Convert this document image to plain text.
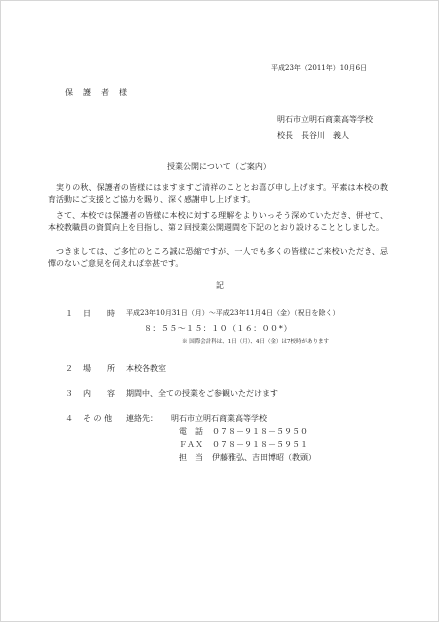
平成23年（2011年）10月6日
保　護　者　様
明石市立明石商業高等学校
校長　長谷川　義人
授業公開について（ご案内）
実りの秋、保護者の皆様にはますますご清祥のこととお喜び申し上げます。平素は本校の教育活動にご支援とご協力を賜り、深く感謝申し上げます。
さて、本校では保護者の皆様に本校に対する理解をよりいっそう深めていただき、併せて、本校教職員の資質向上を目指し、第２回授業公開週間を下記のとおり設けることとしました。
つきましては、ご多忙のところ誠に恐縮ですが、一人でも多くの皆様にご来校いただき、忌憚のないご意見を伺えれば幸甚です。
記
１ 日　　時 平成23年10月31日（月）～平成23年11月4日（金）（祝日を除く）
８：５５～１５：１０（１６：００*）
※ 国際会計科は、1日（月）、4日（金）は7校時があります
２ 場　　所 本校各教室
３ 内　　容 期間中、全ての授業をご参観いただけます
４ そ の 他 連絡先： 明石市立明石商業高等学校
電　話 ０７８－９１８－５９５０
ＦＡＸ ０７８－９１８－５９５１
担　当 伊藤雅弘、吉田博昭（教頭）
